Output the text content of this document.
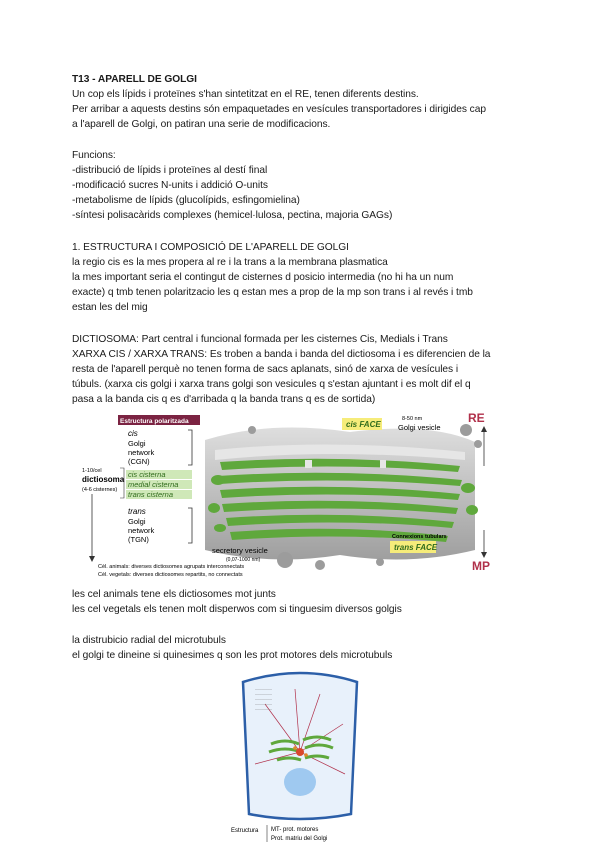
T13 - APARELL DE GOLGI
Un cop els lípids i proteïnes s'han sintetitzat en el RE, tenen diferents destins.
Per arribar a aquests destins són empaquetades en vesícules transportadores i dirigides cap
a l'aparell de Golgi, on patiran una serie de modificacions.
Funcions:
-distribució de lípids i proteïnes al destí final
-modificació sucres N-units i addició O-units
-metabolisme de lípids (glucolípids, esfingomielina)
-síntesi polisacàrids complexes (hemicel·lulosa, pectina, majoria GAGs)
1. ESTRUCTURA I COMPOSICIÓ DE L'APARELL DE GOLGI
la regio cis es la mes propera al re i la trans a la membrana plasmatica
la mes important seria el contingut de cisternes d posicio intermedia (no hi ha un num
exacte) q tmb tenen polaritzacio les q estan mes a prop de la mp son trans i al revés i tmb
estan les del mig
DICTIOSOMA: Part central i funcional formada per les cisternes Cis, Medials i Trans
XARXA CIS / XARXA TRANS: Es troben a banda i banda del dictiosoma i es diferencien de la
resta de l'aparell perquè no tenen forma de sacs aplanats, sinó de xarxa de vesícules i
túbuls. (xarxa cis golgi i xarxa trans golgi son vesicules q s'estan ajuntant i es molt dif el q
pasa a la banda cis q es d'arribada q la banda trans q es de sortida)
Estructura polaritzada
cis
Golgi
network
(CGN)
1-10/cel
dictiosoma
(4-6 cisternes)
cis cisterna
medial cisterna
trans cisterna
trans
Golgi
network
(TGN)
cis FACE
8-50 nm
Golgi vesicle
Connexions tubulars
trans FACE
secretory vesicle
(0,07-1000 nm)
RE
MP
Cèl. animals: diverses dictiosomes agrupats interconnectats
Cèl. vegetals: diverses dictiosomes repartits, no connectats
les cel animals tene els dictiosomes mot junts
les cel vegetals els tenen molt disperwos com si tinguesim diversos golgis
la distrubicio radial del microtubuls
el golgi te dineine si quinesimes q son les prot motores dels microtubuls
────────
────────
────────
────────
────────
Estructura MT- prot. motores
Prot. matriu del Golgi
